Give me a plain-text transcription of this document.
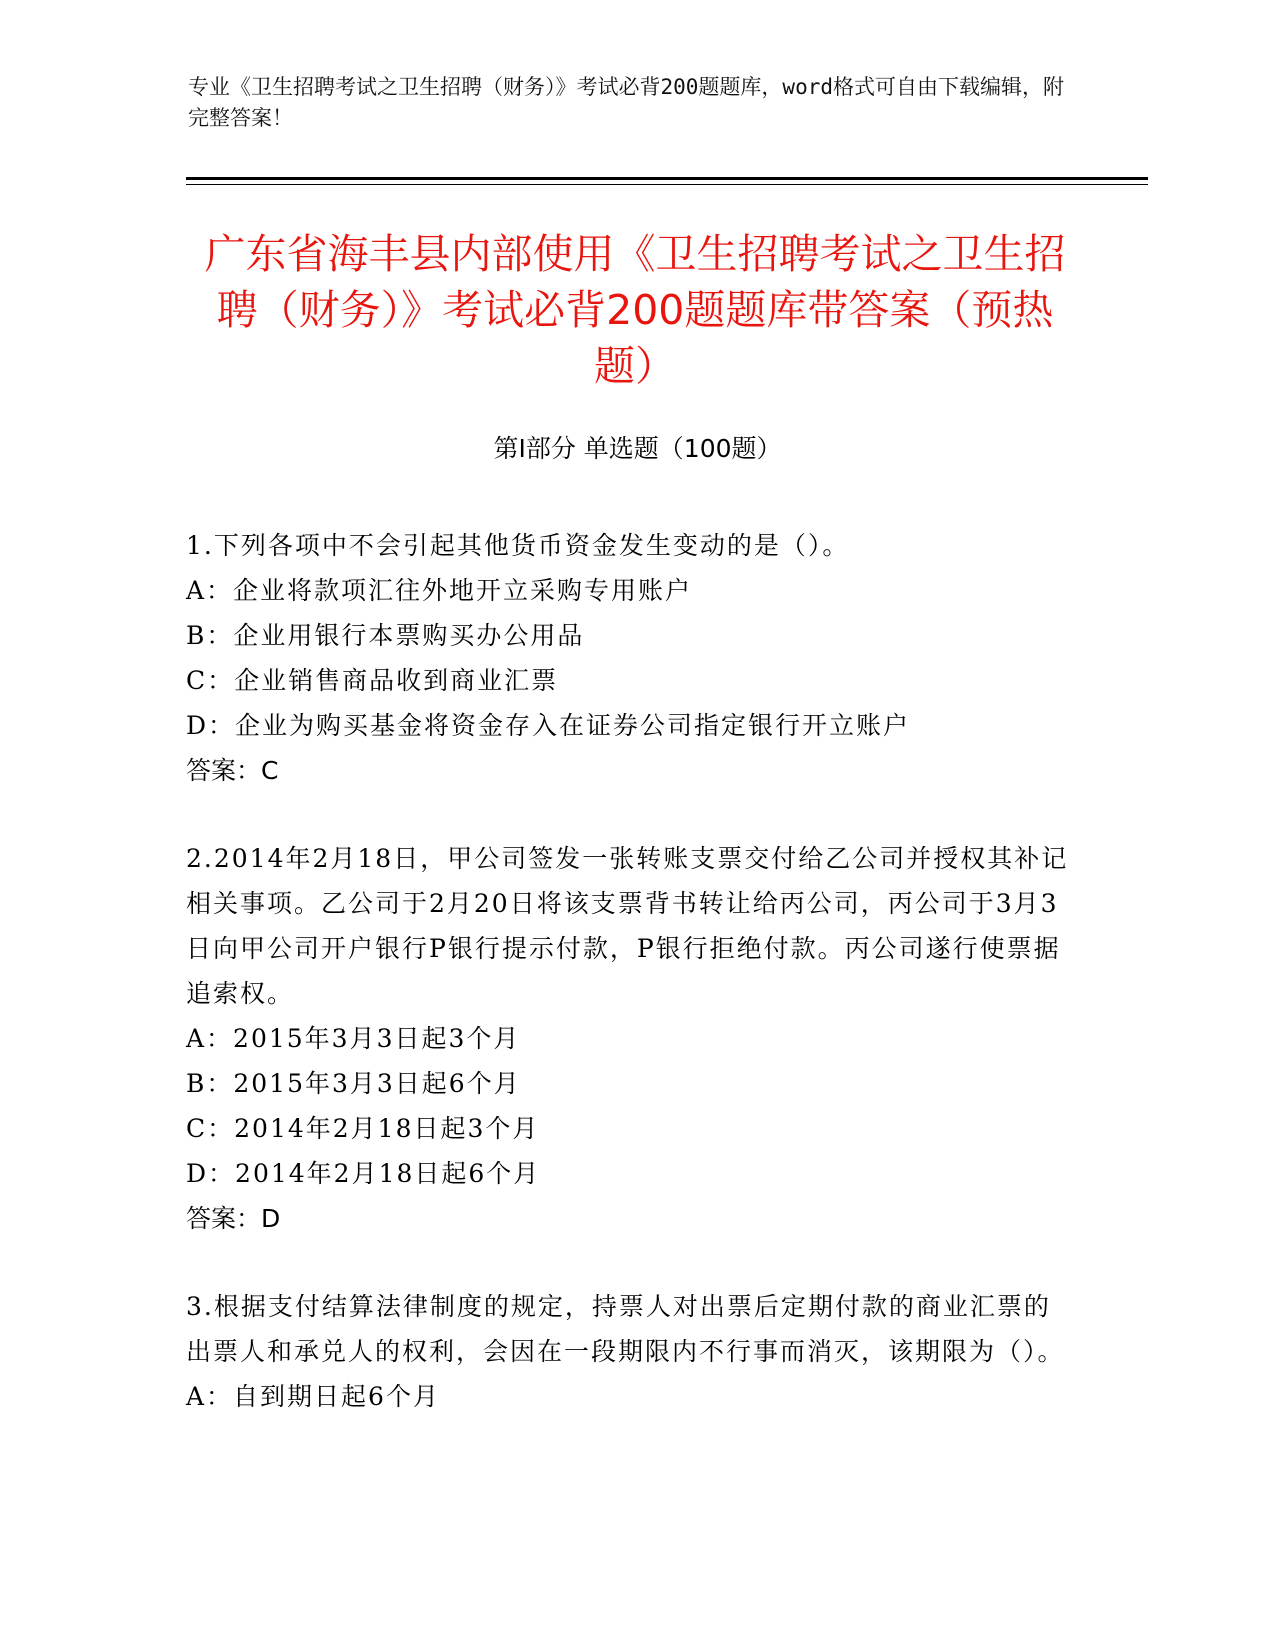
专业《卫生招聘考试之卫生招聘（财务）》考试必背200题题库，word格式可自由下载编辑，附完整答案！
广东省海丰县内部使用《卫生招聘考试之卫生招聘（财务）》考试必背200题题库带答案（预热题）
第Ⅰ部分 单选题（100题）

1.下列各项中不会引起其他货币资金发生变动的是（）。

A：企业将款项汇往外地开立采购专用账户

B：企业用银行本票购买办公用品

C：企业销售商品收到商业汇票

D：企业为购买基金将资金存入在证券公司指定银行开立账户

答案：C

2.2014年2月18日，甲公司签发一张转账支票交付给乙公司并授权其补记相关事项。乙公司于2月20日将该支票背书转让给丙公司，丙公司于3月3日向甲公司开户银行P银行提示付款，P银行拒绝付款。丙公司遂行使票据追索权。

A：2015年3月3日起3个月

B：2015年3月3日起6个月

C：2014年2月18日起3个月

D：2014年2月18日起6个月

答案：D

3.根据支付结算法律制度的规定，持票人对出票后定期付款的商业汇票的出票人和承兑人的权利，会因在一段期限内不行事而消灭，该期限为（）。

A：自到期日起6个月
